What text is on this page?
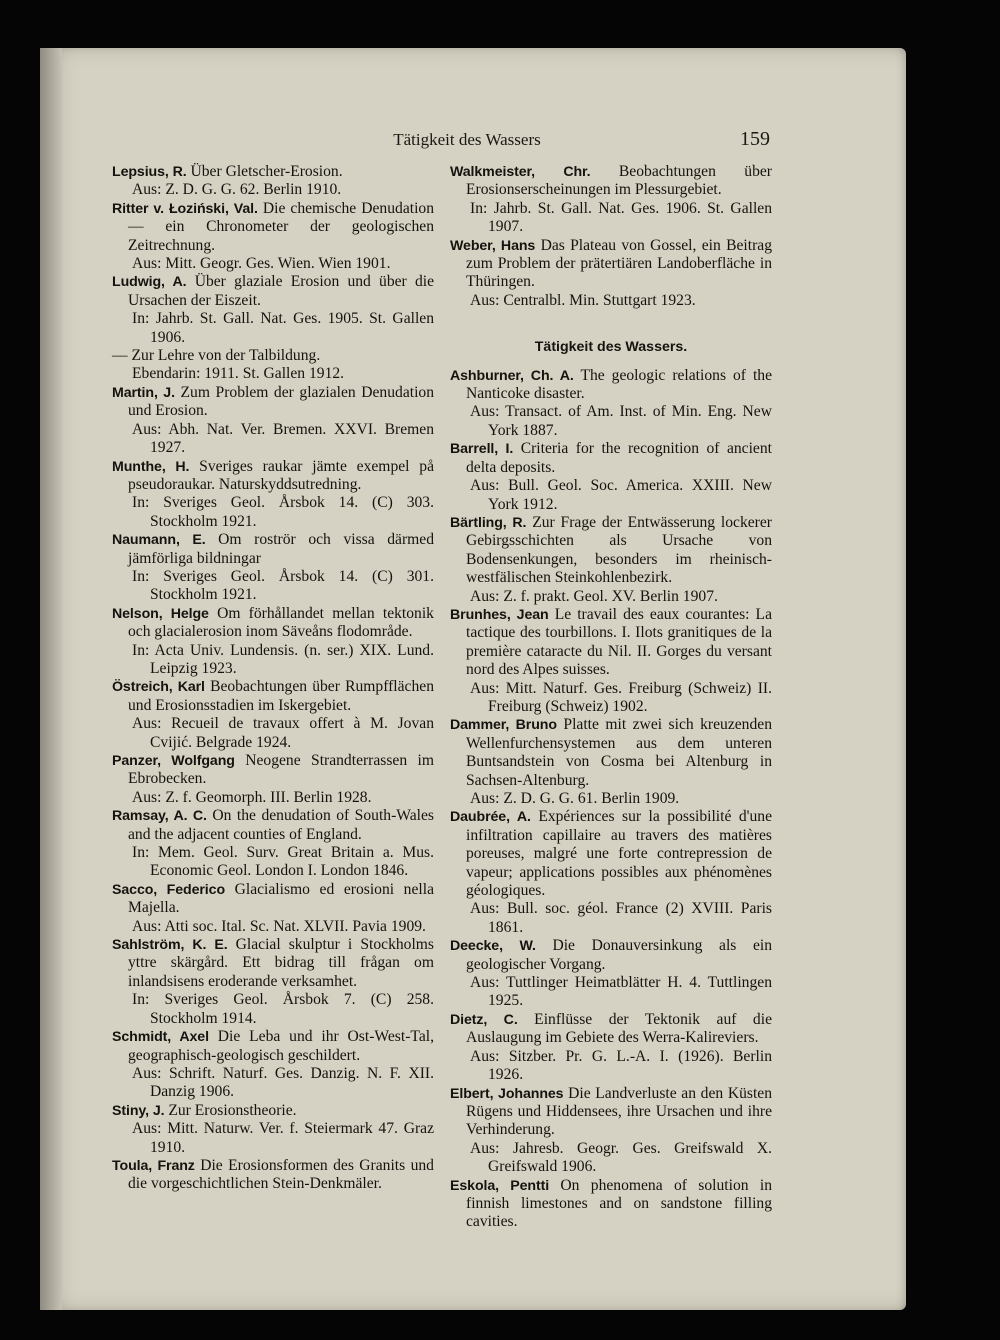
Tätigkeit des Wassers	159
Lepsius, R. Über Gletscher-Erosion.
Aus: Z. D. G. G. 62. Berlin 1910.
Ritter v. Łoziński, Val. Die chemische Denudation — ein Chronometer der geologischen Zeitrechnung.
Aus: Mitt. Geogr. Ges. Wien. Wien 1901.
Ludwig, A. Über glaziale Erosion und über die Ursachen der Eiszeit.
In: Jahrb. St. Gall. Nat. Ges. 1905. St. Gallen 1906.
— Zur Lehre von der Talbildung.
Ebendarin: 1911. St. Gallen 1912.
Martin, J. Zum Problem der glazialen Denudation und Erosion.
Aus: Abh. Nat. Ver. Bremen. XXVI. Bremen 1927.
Munthe, H. Sveriges raukar jämte exempel på pseudoraukar. Naturskyddsutredning.
In: Sveriges Geol. Årsbok 14. (C) 303. Stockholm 1921.
Naumann, E. Om roströr och vissa därmed jämförliga bildningar
In: Sveriges Geol. Årsbok 14. (C) 301. Stockholm 1921.
Nelson, Helge Om förhållandet mellan tektonik och glacialerosion inom Säveåns flodområde.
In: Acta Univ. Lundensis. (n. ser.) XIX. Lund. Leipzig 1923.
Östreich, Karl Beobachtungen über Rumpfflächen und Erosionsstadien im Iskergebiet.
Aus: Recueil de travaux offert à M. Jovan Cvijić. Belgrade 1924.
Panzer, Wolfgang Neogene Strandterrassen im Ebrobecken.
Aus: Z. f. Geomorph. III. Berlin 1928.
Ramsay, A. C. On the denudation of South-Wales and the adjacent counties of England.
In: Mem. Geol. Surv. Great Britain a. Mus. Economic Geol. London I. London 1846.
Sacco, Federico Glacialismo ed erosioni nella Majella.
Aus: Atti soc. Ital. Sc. Nat. XLVII. Pavia 1909.
Sahlström, K. E. Glacial skulptur i Stockholms yttre skärgård. Ett bidrag till frågan om inlandsisens eroderande verksamhet.
In: Sveriges Geol. Årsbok 7. (C) 258. Stockholm 1914.
Schmidt, Axel Die Leba und ihr Ost-West-Tal, geographisch-geologisch geschildert.
Aus: Schrift. Naturf. Ges. Danzig. N. F. XII. Danzig 1906.
Stiny, J. Zur Erosionstheorie.
Aus: Mitt. Naturw. Ver. f. Steiermark 47. Graz 1910.
Toula, Franz Die Erosionsformen des Granits und die vorgeschichtlichen Stein-Denkmäler.
Walkmeister, Chr. Beobachtungen über Erosionserscheinungen im Plessurgebiet.
In: Jahrb. St. Gall. Nat. Ges. 1906. St. Gallen 1907.
Weber, Hans Das Plateau von Gossel, ein Beitrag zum Problem der prätertiären Landoberfläche in Thüringen.
Aus: Centralbl. Min. Stuttgart 1923.
Tätigkeit des Wassers.
Ashburner, Ch. A. The geologic relations of the Nanticoke disaster.
Aus: Transact. of Am. Inst. of Min. Eng. New York 1887.
Barrell, I. Criteria for the recognition of ancient delta deposits.
Aus: Bull. Geol. Soc. America. XXIII. New York 1912.
Bärtling, R. Zur Frage der Entwässerung lockerer Gebirgsschichten als Ursache von Bodensenkungen, besonders im rheinisch-westfälischen Steinkohlenbezirk.
Aus: Z. f. prakt. Geol. XV. Berlin 1907.
Brunhes, Jean Le travail des eaux courantes: La tactique des tourbillons. I. Ilots granitiques de la première cataracte du Nil. II. Gorges du versant nord des Alpes suisses.
Aus: Mitt. Naturf. Ges. Freiburg (Schweiz) II. Freiburg (Schweiz) 1902.
Dammer, Bruno Platte mit zwei sich kreuzenden Wellenfurchensystemen aus dem unteren Buntsandstein von Cosma bei Altenburg in Sachsen-Altenburg.
Aus: Z. D. G. G. 61. Berlin 1909.
Daubrée, A. Expériences sur la possibilité d'une infiltration capillaire au travers des matières poreuses, malgré une forte contrepression de vapeur; applications possibles aux phénomènes géologiques.
Aus: Bull. soc. géol. France (2) XVIII. Paris 1861.
Deecke, W. Die Donauversinkung als ein geologischer Vorgang.
Aus: Tuttlinger Heimatblätter H. 4. Tuttlingen 1925.
Dietz, C. Einflüsse der Tektonik auf die Auslaugung im Gebiete des Werra-Kalireviers.
Aus: Sitzber. Pr. G. L.-A. I. (1926). Berlin 1926.
Elbert, Johannes Die Landverluste an den Küsten Rügens und Hiddensees, ihre Ursachen und ihre Verhinderung.
Aus: Jahresb. Geogr. Ges. Greifswald X. Greifswald 1906.
Eskola, Pentti On phenomena of solution in finnish limestones and on sandstone filling cavities.
